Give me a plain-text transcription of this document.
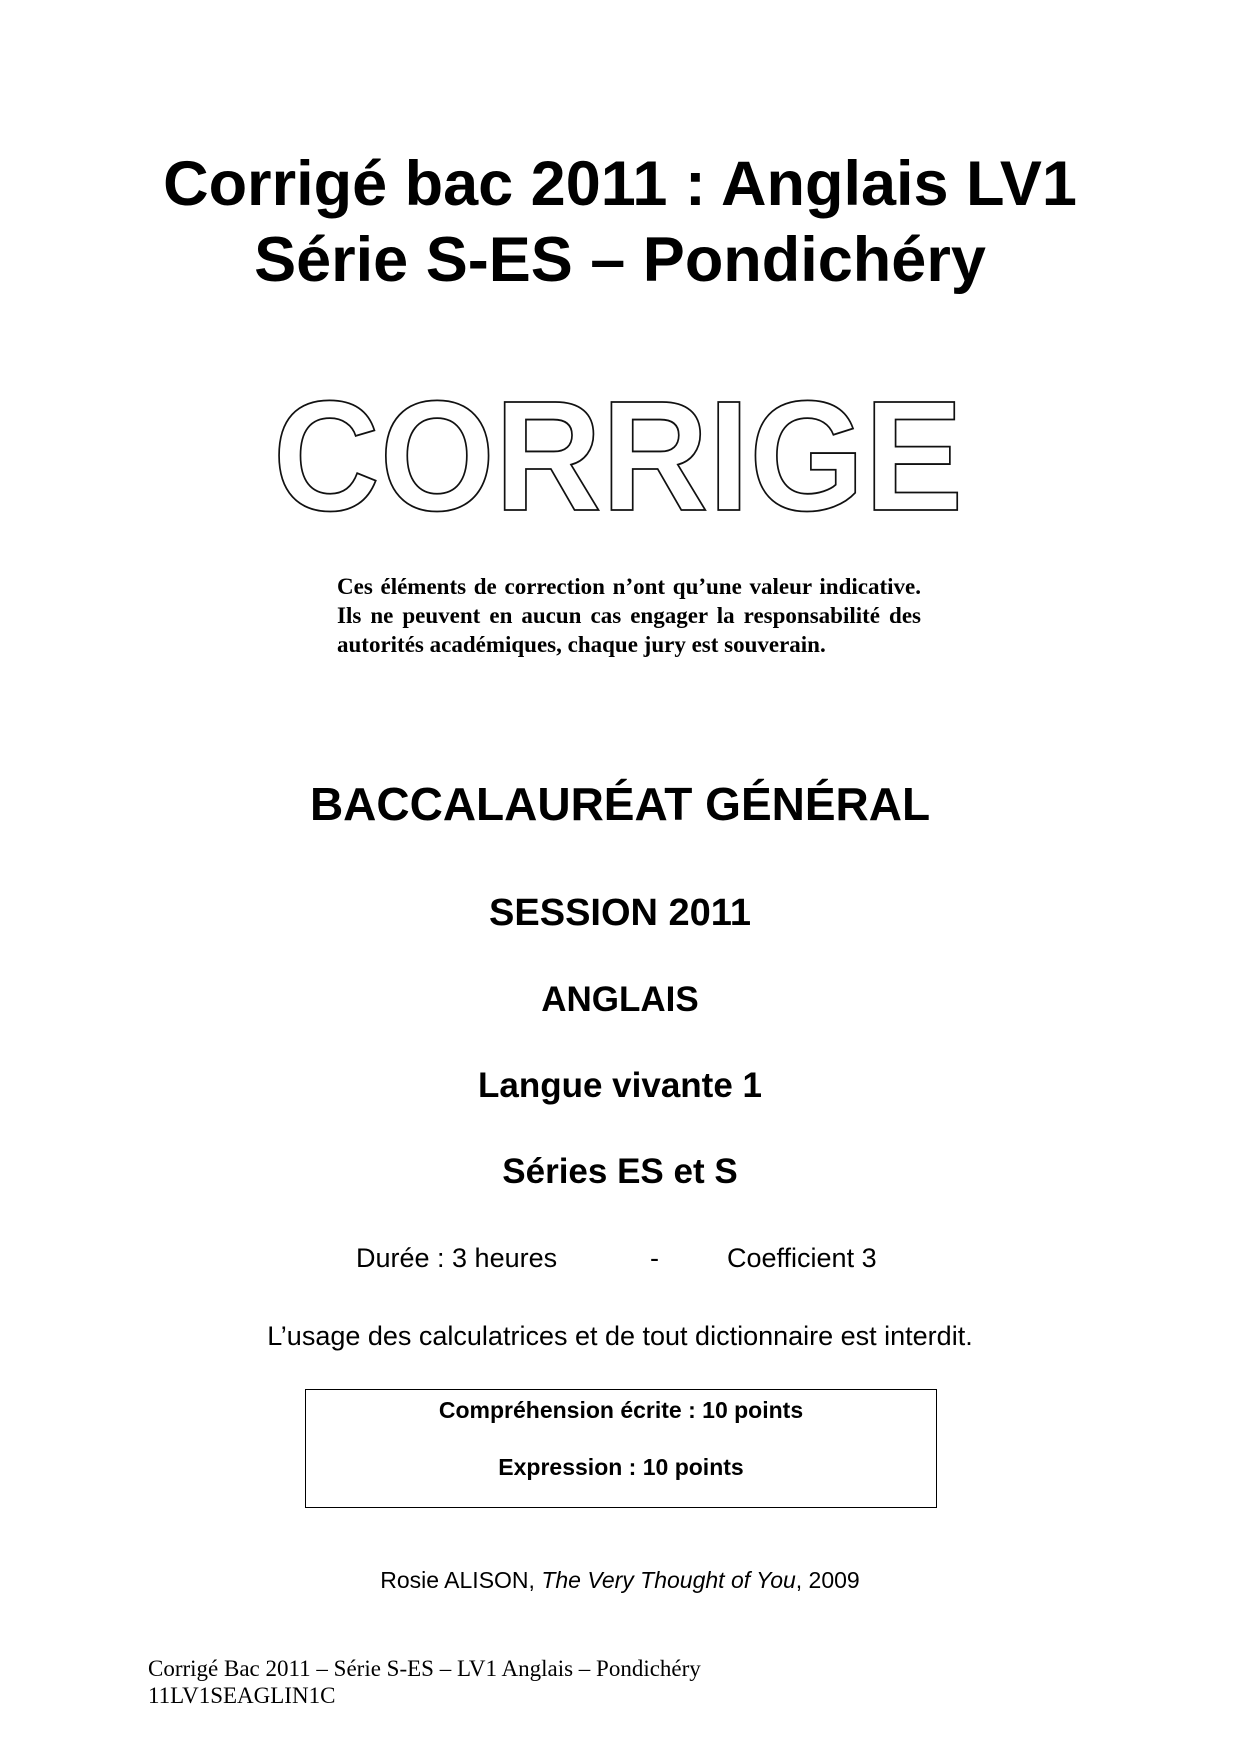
Corrigé bac 2011 : Anglais LV1
Série S-ES – Pondichéry
CORRIGE

Ces éléments de correction n’ont qu’une valeur indicative. Ils ne peuvent en aucun cas engager la responsabilité des autorités académiques, chaque jury est souverain.

BACCALAURÉAT GÉNÉRAL
SESSION 2011
ANGLAIS
Langue vivante 1
Séries ES et S
Durée : 3 heures	-	Coefficient 3

L’usage des calculatrices et de tout dictionnaire est interdit.

Compréhension écrite : 10 points

Expression : 10 points

Rosie ALISON, The Very Thought of You, 2009

Corrigé Bac 2011 – Série S-ES – LV1 Anglais – Pondichéry
11LV1SEAGLIN1C
